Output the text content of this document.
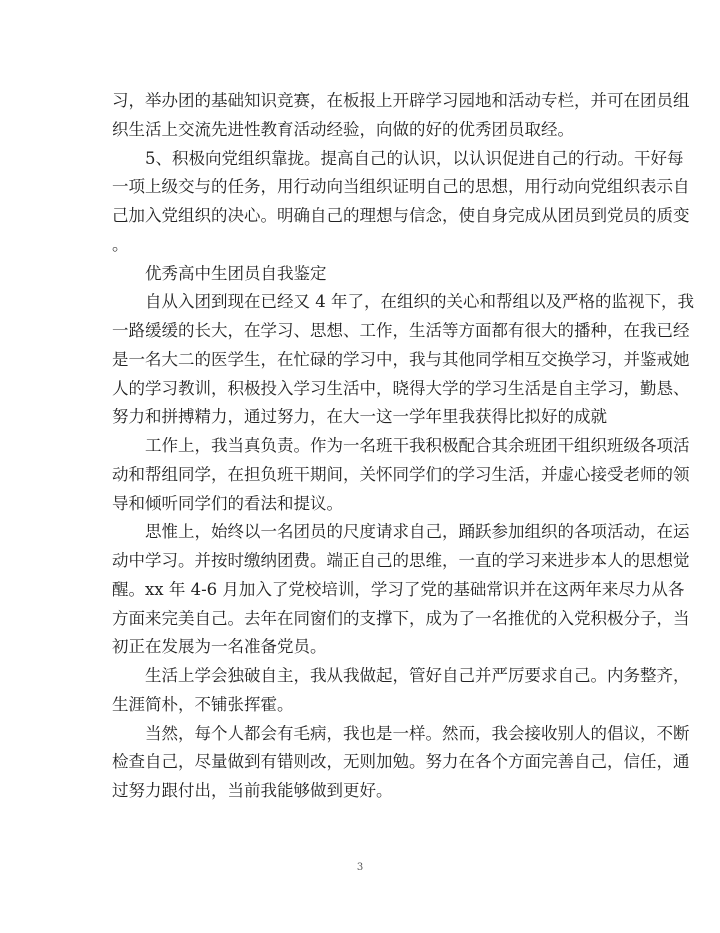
习，举办团的基础知识竞赛，在板报上开辟学习园地和活动专栏，并可在团员组
织生活上交流先进性教育活动经验，向做的好的优秀团员取经。
5、积极向党组织靠拢。提高自己的认识，以认识促进自己的行动。干好每
一项上级交与的任务，用行动向当组织证明自己的思想，用行动向党组织表示自
己加入党组织的决心。明确自己的理想与信念，使自身完成从团员到党员的质变
。
优秀高中生团员自我鉴定
自从入团到现在已经又 4 年了，在组织的关心和帮组以及严格的监视下，我
一路缓缓的长大，在学习、思想、工作，生活等方面都有很大的播种，在我已经
是一名大二的医学生，在忙碌的学习中，我与其他同学相互交换学习，并鉴戒她
人的学习教训，积极投入学习生活中，晓得大学的学习生活是自主学习，勤恳、
努力和拼搏精力，通过努力，在大一这一学年里我获得比拟好的成就
工作上，我当真负责。作为一名班干我积极配合其余班团干组织班级各项活
动和帮组同学，在担负班干期间，关怀同学们的学习生活，并虚心接受老师的领
导和倾听同学们的看法和提议。
思惟上，始终以一名团员的尺度请求自己，踊跃参加组织的各项活动，在运
动中学习。并按时缴纳团费。端正自己的思维，一直的学习来进步本人的思想觉
醒。xx 年 4-6 月加入了党校培训，学习了党的基础常识并在这两年来尽力从各
方面来完美自己。去年在同窗们的支撑下，成为了一名推优的入党积极分子，当
初正在发展为一名准备党员。
生活上学会独破自主，我从我做起，管好自己并严厉要求自己。内务整齐，
生涯简朴，不铺张挥霍。
当然，每个人都会有毛病，我也是一样。然而，我会接收别人的倡议，不断
检查自己，尽量做到有错则改，无则加勉。努力在各个方面完善自己，信任，通
过努力跟付出，当前我能够做到更好。
3
